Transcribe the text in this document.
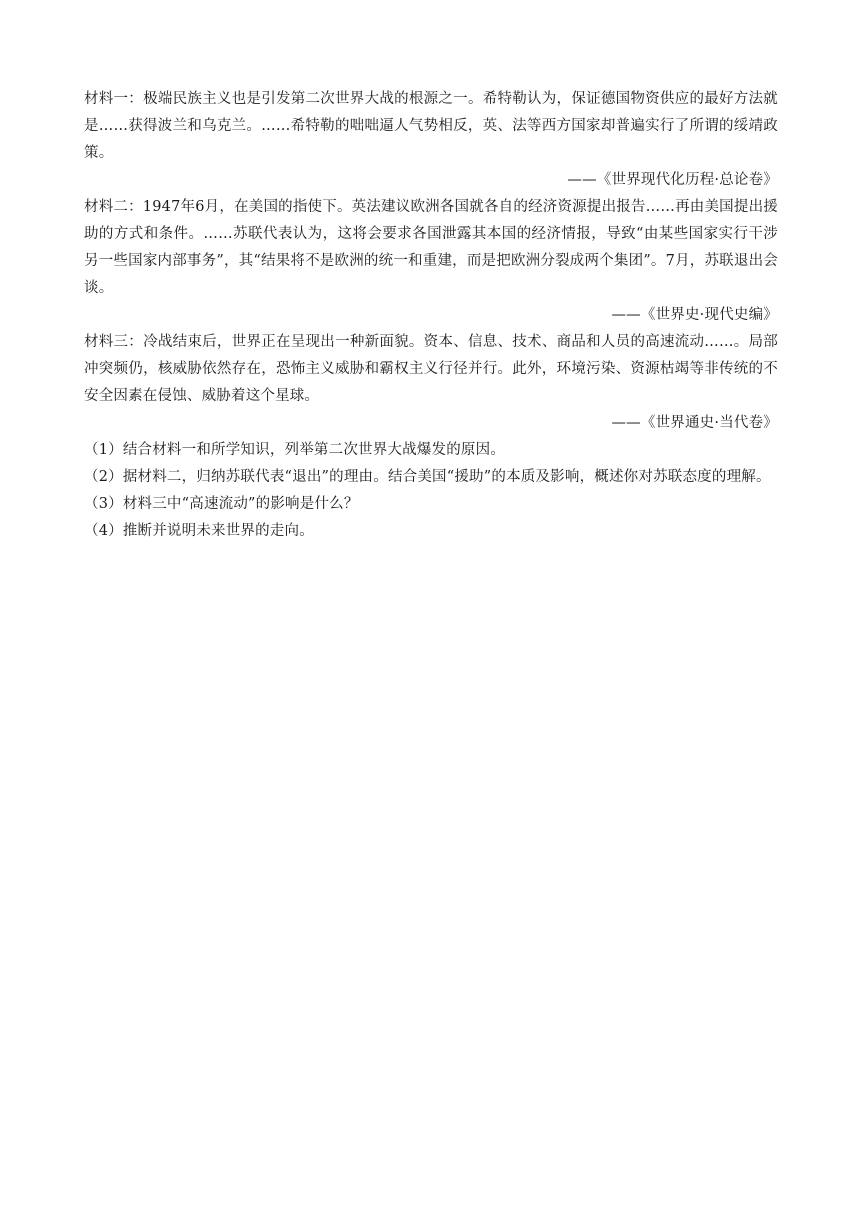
材料一：极端民族主义也是引发第二次世界大战的根源之一。希特勒认为，保证德国物资供应的最好方法就是……获得波兰和乌克兰。……希特勒的咄咄逼人气势相反，英、法等西方国家却普遍实行了所谓的绥靖政策。

——《世界现代化历程·总论卷》

材料二：1947年6月，在美国的指使下。英法建议欧洲各国就各自的经济资源提出报告……再由美国提出援助的方式和条件。……苏联代表认为，这将会要求各国泄露其本国的经济情报，导致“由某些国家实行干涉另一些国家内部事务”，其“结果将不是欧洲的统一和重建，而是把欧洲分裂成两个集团”。7月，苏联退出会谈。

——《世界史·现代史编》

材料三：冷战结束后，世界正在呈现出一种新面貌。资本、信息、技术、商品和人员的高速流动……。局部冲突频仍，核威胁依然存在，恐怖主义威胁和霸权主义行径并行。此外，环境污染、资源枯竭等非传统的不安全因素在侵蚀、威胁着这个星球。

——《世界通史·当代卷》

（1）结合材料一和所学知识，列举第二次世界大战爆发的原因。

（2）据材料二，归纳苏联代表“退出”的理由。结合美国“援助”的本质及影响，概述你对苏联态度的理解。

（3）材料三中“高速流动”的影响是什么？

（4）推断并说明未来世界的走向。
